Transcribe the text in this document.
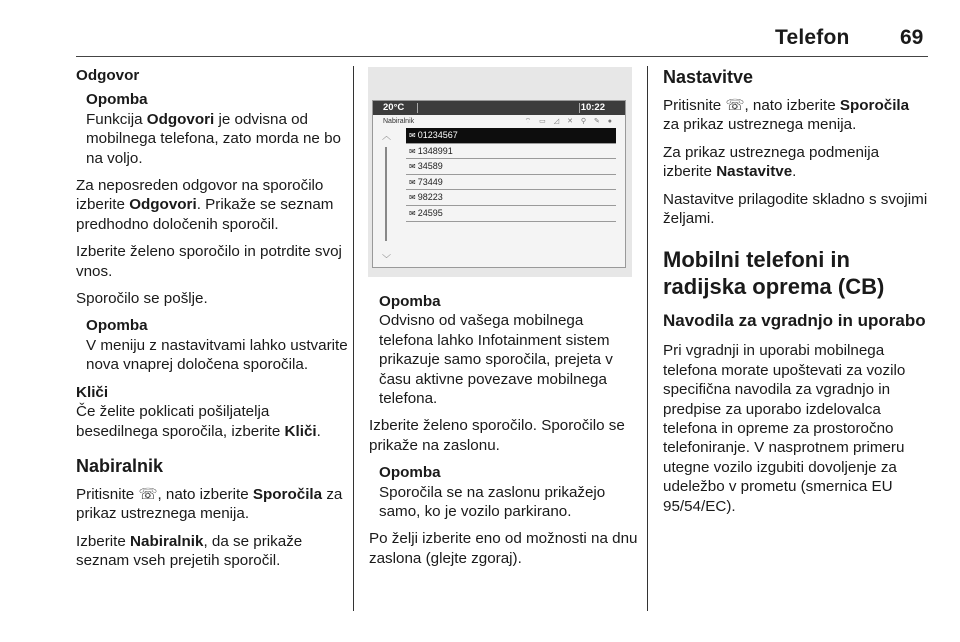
Telefon 69

Odgovor

Opomba

Funkcija Odgovori je odvisna od mobilnega telefona, zato morda ne bo na voljo.

Za neposreden odgovor na sporočilo izberite Odgovori. Prikaže se seznam predhodno določenih sporočil.

Izberite želeno sporočilo in potrdite svoj vnos.

Sporočilo se pošlje.

Opomba

V meniju z nastavitvami lahko ustvarite nova vnaprej določena sporočila.

Kliči

Če želite poklicati pošiljatelja besedilnega sporočila, izberite Kliči.

Nabiralnik

Pritisnite ☏, nato izberite Sporočila za prikaz ustreznega menija.

Izberite Nabiralnik, da se prikaže seznam vseh prejetih sporočil.

20°C	10:22
Nabiralnik	⌔ ▭ ◿ ✕ ⚲ ✎ ●
︿
﹀
✉ 01234567
✉ 1348991
✉ 34589
✉ 73449
✉ 98223
✉ 24595

Opomba

Odvisno od vašega mobilnega telefona lahko Infotainment sistem prikazuje samo sporočila, prejeta v času aktivne povezave mobilnega telefona.

Izberite želeno sporočilo. Sporočilo se prikaže na zaslonu.

Opomba

Sporočila se na zaslonu prikažejo samo, ko je vozilo parkirano.

Po želji izberite eno od možnosti na dnu zaslona (glejte zgoraj).

Nastavitve

Pritisnite ☏, nato izberite Sporočila za prikaz ustreznega menija.

Za prikaz ustreznega podmenija izberite Nastavitve.

Nastavitve prilagodite skladno s svojimi željami.

Mobilni telefoni in radijska oprema (CB)

Navodila za vgradnjo in uporabo

Pri vgradnji in uporabi mobilnega telefona morate upoštevati za vozilo specifična navodila za vgradnjo in predpise za uporabo izdelovalca telefona in opreme za prostoročno telefoniranje. V nasprotnem primeru utegne vozilo izgubiti dovoljenje za udeležbo v prometu (smernica EU 95/54/EC).
